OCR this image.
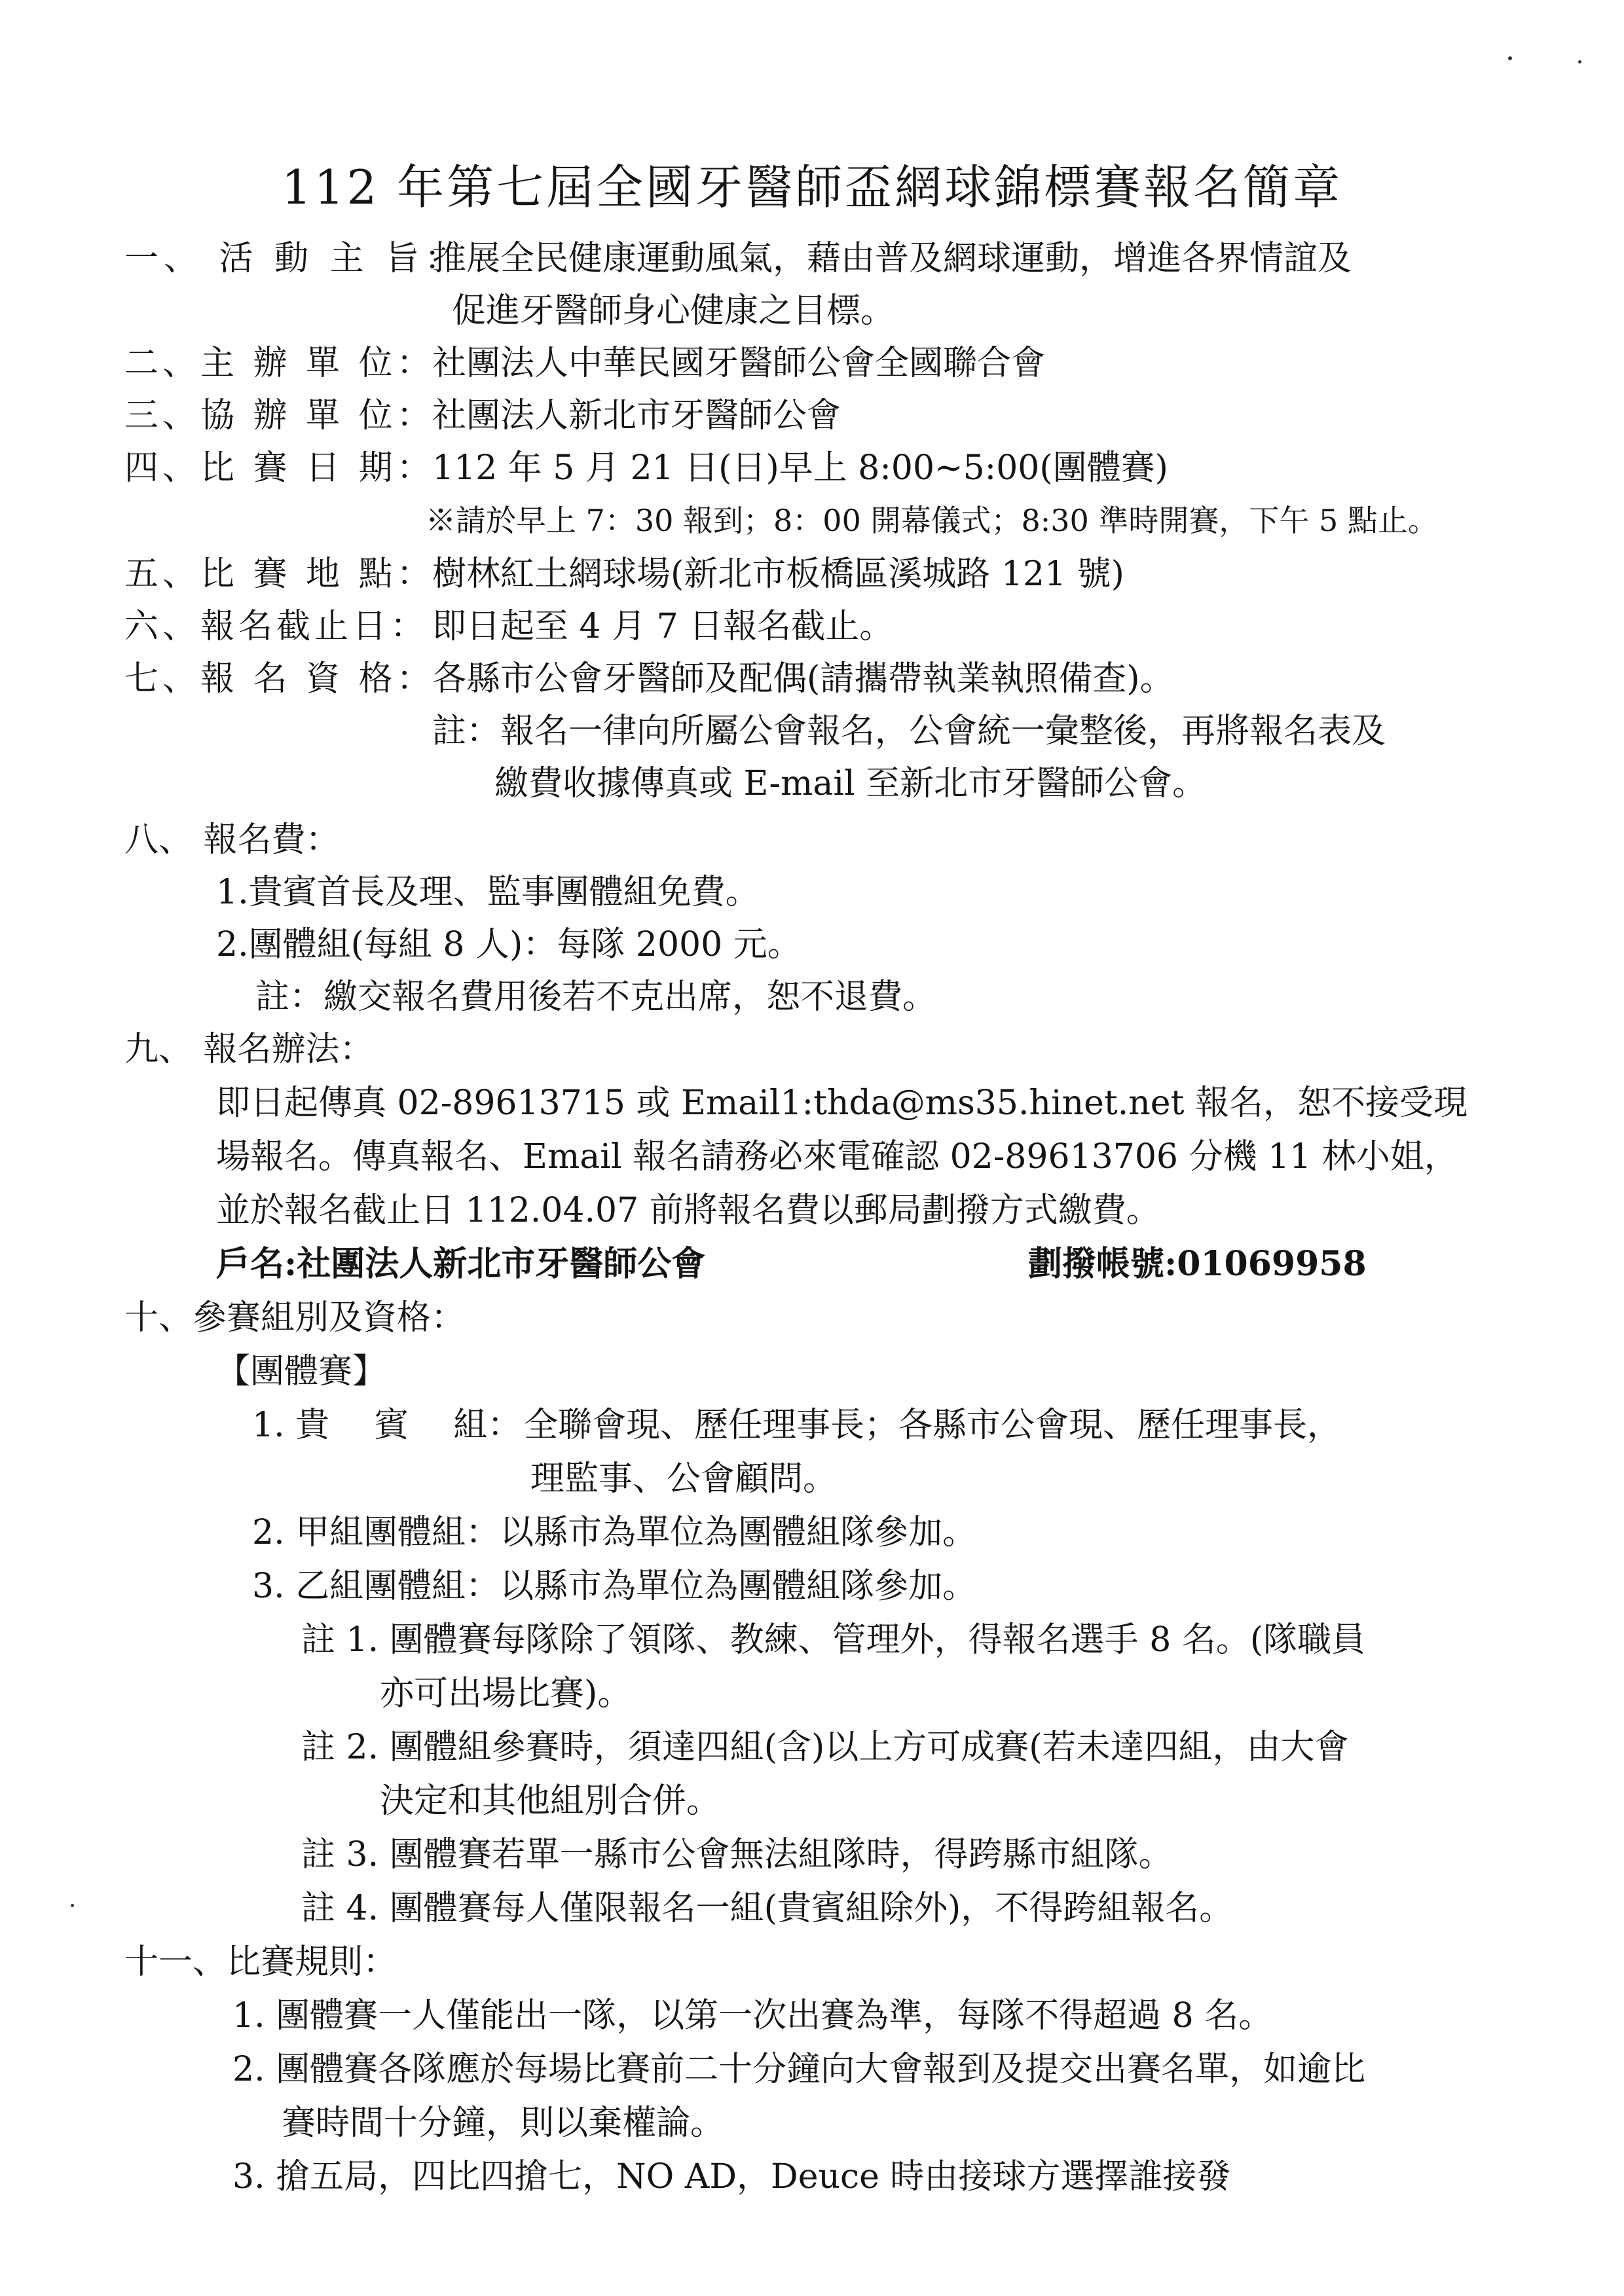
112 年第七屆全國牙醫師盃網球錦標賽報名簡章

一、 活 動 主 旨：

推展全民健康運動風氣，藉由普及網球運動，增進各界情誼及

促進牙醫師身心健康之目標。

二、主 辦 單 位：

社團法人中華民國牙醫師公會全國聯合會

三、協 辦 單 位：

社團法人新北市牙醫師公會

四、比 賽 日 期：

112 年 5 月 21 日(日)早上 8:00~5:00(團體賽)

※請於早上 7：30 報到；8：00 開幕儀式；8:30 準時開賽，下午 5 點止。

五、比 賽 地 點：

樹林紅土網球場(新北市板橋區溪城路 121 號)

六、報名截止日： 即日起至 4 月 7 日報名截止。

七、報 名 資 格：

各縣市公會牙醫師及配偶(請攜帶執業執照備查)。

註：報名一律向所屬公會報名，公會統一彙整後，再將報名表及

繳費收據傳真或 E-mail 至新北市牙醫師公會。

八、 報名費：

1.貴賓首長及理、監事團體組免費。

2.團體組(每組 8 人)：每隊 2000 元。

註：繳交報名費用後若不克出席，恕不退費。

九、 報名辦法：

即日起傳真 02-89613715 或 Email1:thda@ms35.hinet.net 報名，恕不接受現

場報名。傳真報名、Email 報名請務必來電確認 02-89613706 分機 11 林小姐，

並於報名截止日 112.04.07 前將報名費以郵局劃撥方式繳費。

戶名:社團法人新北市牙醫師公會	劃撥帳號:01069958

十、參賽組別及資格：

【團體賽】

1. 貴　 賓　 組： 全聯會現、歷任理事長；各縣市公會現、歷任理事長，

理監事、公會顧問。

2. 甲組團體組：以縣市為單位為團體組隊參加。

3. 乙組團體組：以縣市為單位為團體組隊參加。

註 1. 團體賽每隊除了領隊、教練、管理外，得報名選手 8 名。(隊職員

亦可出場比賽)。

註 2. 團體組參賽時，須達四組(含)以上方可成賽(若未達四組，由大會

決定和其他組別合併。

註 3. 團體賽若單一縣市公會無法組隊時，得跨縣市組隊。

註 4. 團體賽每人僅限報名一組(貴賓組除外)，不得跨組報名。

十一、比賽規則：

1. 團體賽一人僅能出一隊，以第一次出賽為準，每隊不得超過 8 名。

2. 團體賽各隊應於每場比賽前二十分鐘向大會報到及提交出賽名單，如逾比

賽時間十分鐘，則以棄權論。

3. 搶五局，四比四搶七，NO AD，Deuce 時由接球方選擇誰接發
